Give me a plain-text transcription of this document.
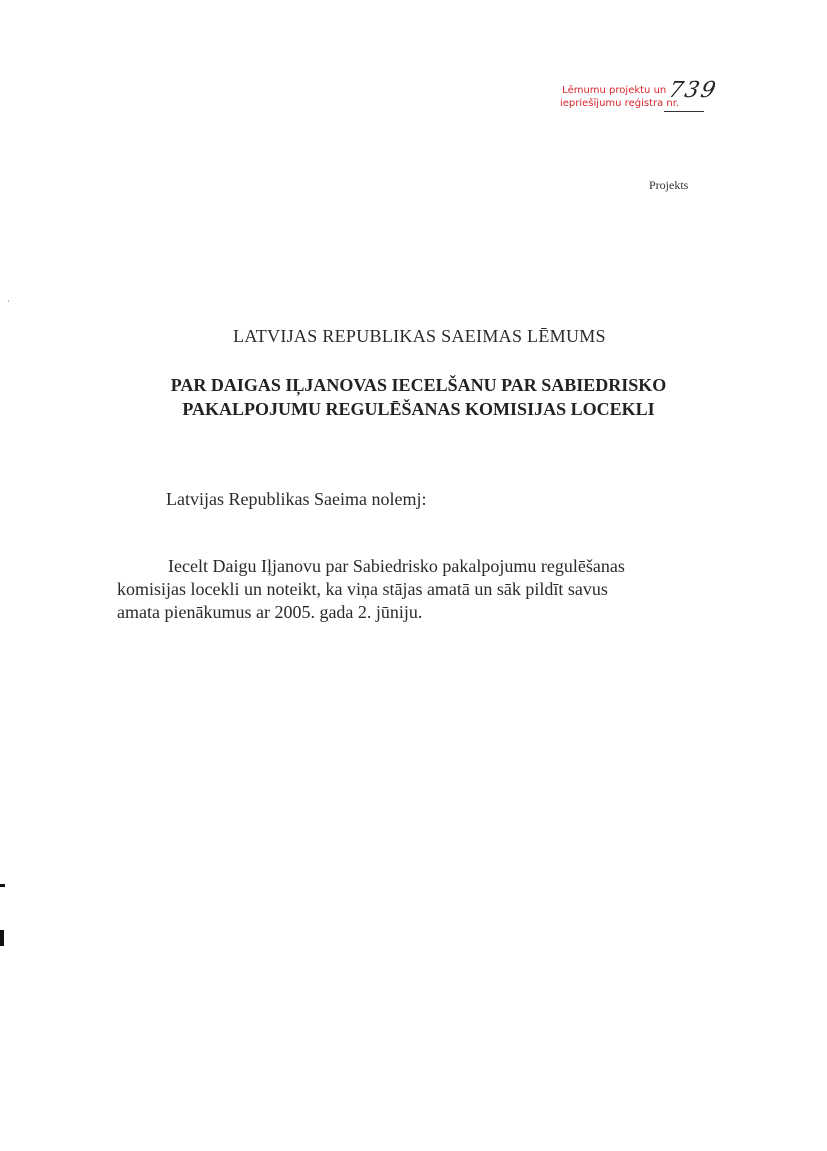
Lēmumu projektu un
iepriešījumu reģistra nr.
739
Projekts
LATVIJAS REPUBLIKAS SAEIMAS LĒMUMS
PAR DAIGAS IĻJANOVAS IECELŠANU PAR SABIEDRISKO
PAKALPOJUMU REGULĒŠANAS KOMISIJAS LOCEKLI
Latvijas Republikas Saeima nolemj:
Iecelt Daigu Iļjanovu par Sabiedrisko pakalpojumu regulēšanas
komisijas locekli un noteikt, ka viņa stājas amatā un sāk pildīt savus
amata pienākumus ar 2005. gada 2. jūniju.
